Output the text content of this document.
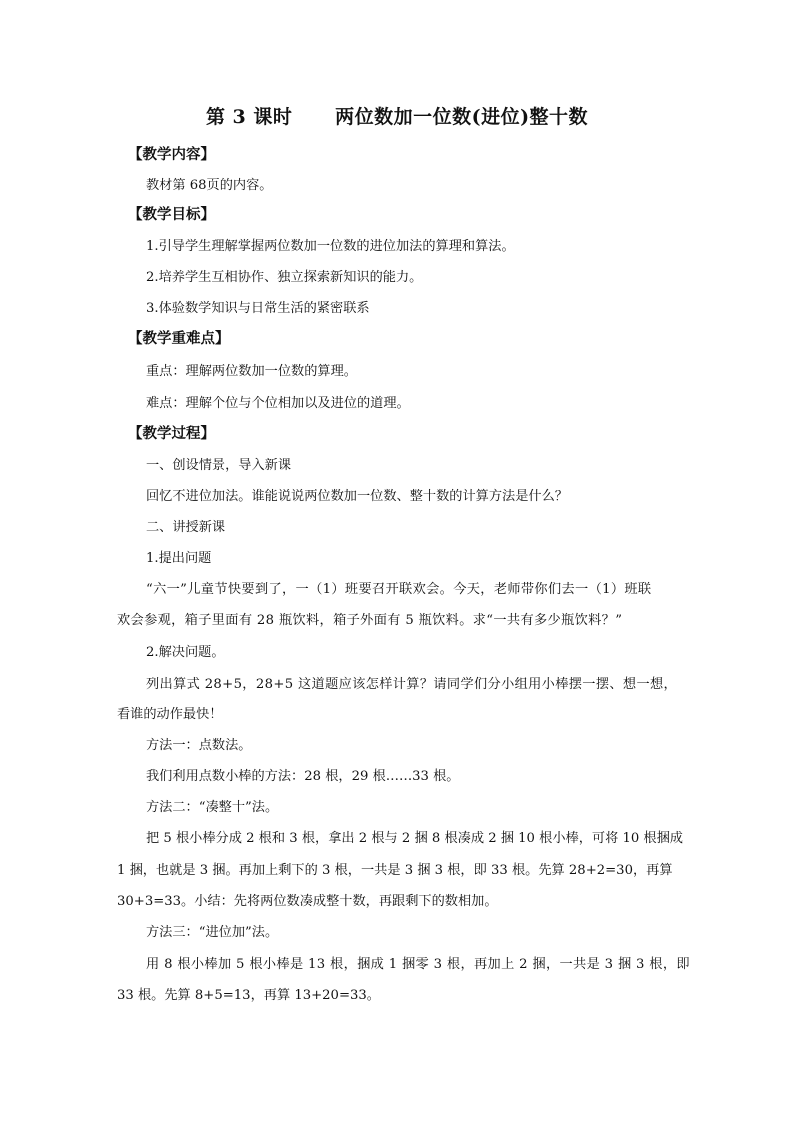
第 3 课时      两位数加一位数(进位)整十数
【教学内容】
教材第 68页的内容。
【教学目标】
1.引导学生理解掌握两位数加一位数的进位加法的算理和算法。
2.培养学生互相协作、独立探索新知识的能力。
3.体验数学知识与日常生活的紧密联系
【教学重难点】
重点：理解两位数加一位数的算理。
难点：理解个位与个位相加以及进位的道理。
【教学过程】
一、创设情景，导入新课
回忆不进位加法。谁能说说两位数加一位数、整十数的计算方法是什么？
二、讲授新课
1.提出问题
“六一”儿童节快要到了，一（1）班要召开联欢会。今天，老师带你们去一（1）班联
欢会参观，箱子里面有 28 瓶饮料，箱子外面有 5 瓶饮料。求“一共有多少瓶饮料？”
2.解决问题。
列出算式 28+5，28+5 这道题应该怎样计算？请同学们分小组用小棒摆一摆、想一想，
看谁的动作最快！
方法一：点数法。
我们利用点数小棒的方法：28 根，29 根……33 根。
方法二：“凑整十”法。
把 5 根小棒分成 2 根和 3 根，拿出 2 根与 2 捆 8 根凑成 2 捆 10 根小棒，可将 10 根捆成
1 捆，也就是 3 捆。再加上剩下的 3 根，一共是 3 捆 3 根，即 33 根。先算 28+2=30，再算
30+3=33。小结：先将两位数凑成整十数，再跟剩下的数相加。
方法三：“进位加”法。
用 8 根小棒加 5 根小棒是 13 根，捆成 1 捆零 3 根，再加上 2 捆，一共是 3 捆 3 根，即
33 根。先算 8+5=13，再算 13+20=33。
